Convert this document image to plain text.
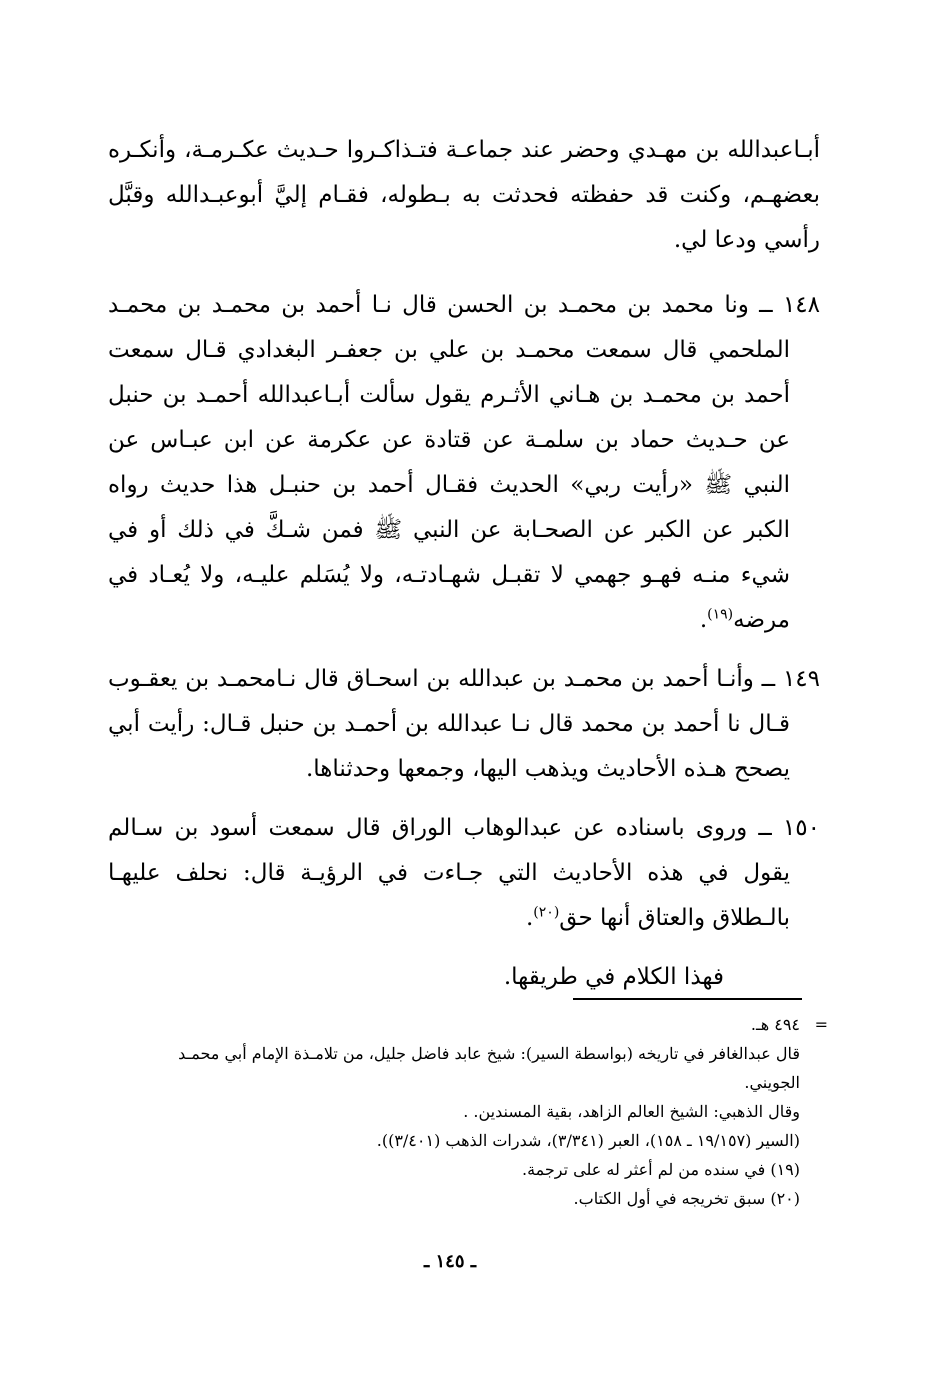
أبـاعبدالله بن مهـدي وحضر عند جماعـة فتـذاكـروا حـديث عكـرمـة، وأنكـره بعضهـم، وكنت قد حفظته فحدثت به بـطوله، فقـام إليَّ أبوعبـدالله وقبَّل رأسي ودعا لي.

١٤٨ ــ ونا محمد بن محمـد بن الحسن قال نـا أحمد بن محمـد بن محمـد الملحمي قال سمعت محمـد بن علي بن جعفـر البغدادي قـال سمعت أحمد بن محمـد بن هـاني الأثـرم يقول سألت أبـاعبدالله أحمـد بن حنبل عن حـديث حماد بن سلمـة عن قتادة عن عكرمة عن ابن عبـاس عن النبي ﷺ «رأيت ربي» الحديث فقـال أحمد بن حنبـل هذا حديث رواه الكبر عن الكبر عن الصحـابة عن النبي ﷺ فمن شـكَّ في ذلك أو في شيء منـه فهـو جهمي لا تقبـل شهـادتـه، ولا يُسَلم عليـه، ولا يُعـاد في مرضه$^{(١٩)}$.

١٤٩ ــ وأنـا أحمد بن محمـد بن عبدالله بن اسحـاق قال نـامحمـد بن يعقـوب قـال نا أحمد بن محمد قال نـا عبدالله بن أحمـد بن حنبل قـال: رأيت أبي يصحح هـذه الأحاديث ويذهب اليها، وجمعها وحدثناها.

١٥٠ ــ وروى باسناده عن عبدالوهاب الوراق قال سمعت أسود بن سـالم يقول في هذه الأحاديث التي جـاءت في الرؤيـة قال: نحلف عليهـا بالـطلاق والعتاق أنها حق$^{(٢٠)}$.

فهذا الكلام في طريقها.

=٤٩٤ هـ.

قال عبدالغافر في تاريخه (بواسطة السير): شيخ عابد فاضل جليل، من تلامـذة الإمام أبي محمـد

الجويني.

وقال الذهبي: الشيخ العالم الزاهد، بقية المسندين. .

(السير (١٩/١٥٧ ـ ١٥٨)، العبر (٣/٣٤١)، شدرات الذهب (٣/٤٠١)).

(١٩) في سنده من لم أعثر له على ترجمة.

(٢٠) سبق تخريجه في أول الكتاب.

ـ ١٤٥ ـ
